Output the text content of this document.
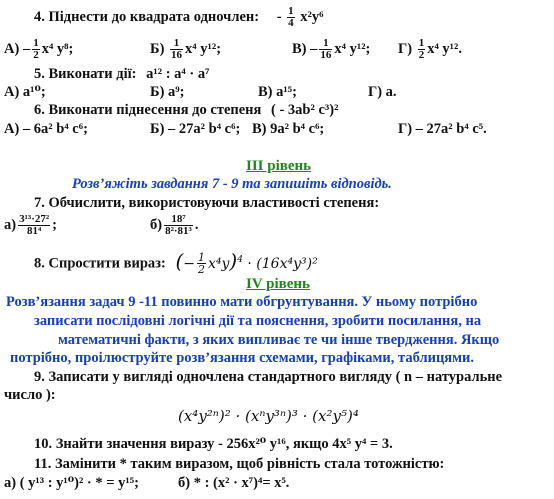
4. Піднести до квадрата одночлен: - $\frac{1}{4} x^2y^6$
$А) - \frac{1}{2} x^4$ y⁸;	$Б) \frac{1}{16} x^4$ y¹²;	$В) - \frac{1}{16} x^4$ y¹²; $Г) \frac{1}{2} x^4$ y¹².
5. Виконати дії: a¹² : a⁴ · a⁷
А) a¹⁰;	Б) a⁹;	В) a¹⁵;	Г) a.
6. Виконати піднесення до степеня ( - 3ab² c³)²
А) – 6a² b⁴ c⁶;	Б) – 27a² b⁴ c⁶; В) 9a² b⁴ c⁶;	Г) – 27a² b⁴ c⁵.
ІІІ рівень
Розв’яжіть завдання 7 - 9 та запишіть відповідь.
7. Обчислити, використовуючи властивості степеня:
$а) \frac{\text{3¹³·27²}}{\text{81⁴}}$ ;	$б) \frac{\text{18⁷}}{\text{8²·81³}}$ .
8. Спростити вираз: (− $\frac{1}{2} x^4y)^4 \cdot (16x^4y^3)^2$
ІV рівень
Розв’язання задач 9 -11 повинно мати обгрунтування. У ньому потрібно
записати послідовні логічні дії та пояснення, зробити посилання, на
математичні факти, з яких випливає те чи інше твердження. Якщо
потрібно, проілюструйте розв’язання схемами, графіками, таблицями.
9. Записати у вигляді одночлена стандартного вигляду ( n – натуральне
число ):
(x⁴y²ⁿ)² · (xⁿy³ⁿ)³ · (x²y⁵)⁴
10. Знайти значення виразу - 256x²⁰ y¹⁶, якщо 4x⁵ y⁴ = 3.
11. Замінити * таким виразом, щоб рівність стала тотожністю:
а) ( y¹³ : y¹⁰)² · * = y¹⁵;	б) * : (x² · x⁷)⁴= x⁵.
